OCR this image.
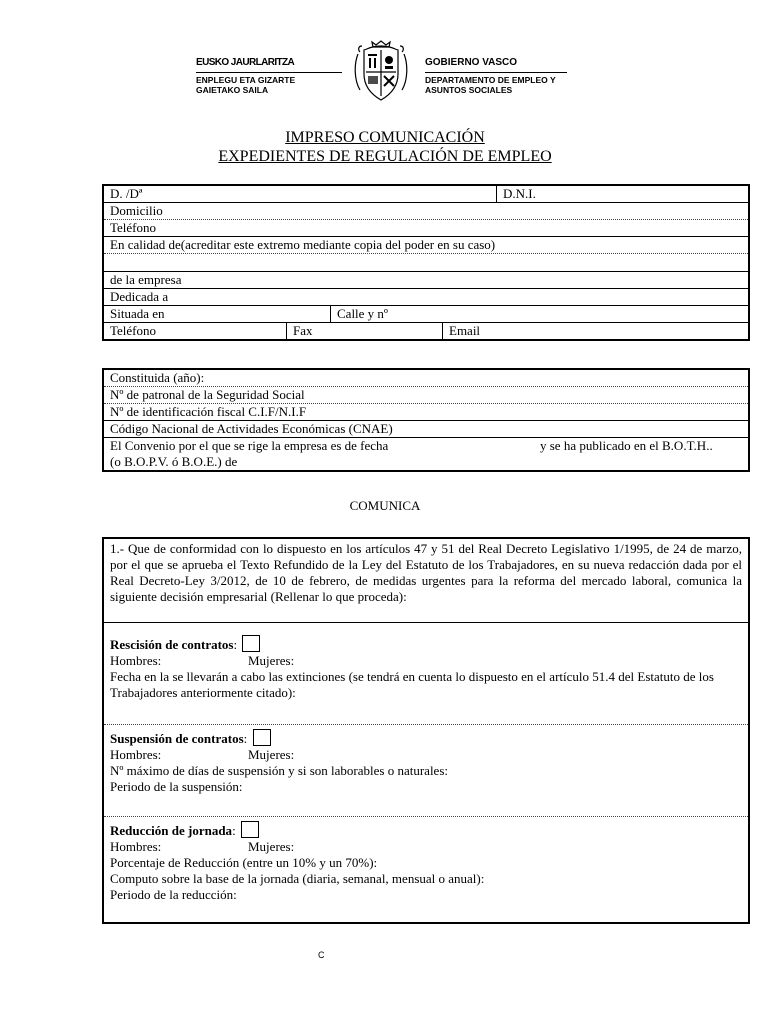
EUSKO JAURLARITZA
ENPLEGU ETA GIZARTE
GAIETAKO SAILA
GOBIERNO VASCO
DEPARTAMENTO DE EMPLEO Y
ASUNTOS SOCIALES
IMPRESO COMUNICACIÓN
EXPEDIENTES DE REGULACIÓN DE EMPLEO
D. /Dª	D.N.I.
Domicilio
Teléfono
En calidad de(acreditar este extremo mediante copia del poder en su caso)
de la empresa
Dedicada a
Situada en	Calle y nº
Teléfono	Fax	Email
Constituida (año):
Nº de patronal de la Seguridad Social
Nº de identificación fiscal C.I.F/N.I.F
Código Nacional de Actividades Económicas (CNAE)
El Convenio por el que se rige la empresa es de fecha	y se ha publicado en el B.O.T.H..
(o B.O.P.V. ó B.O.E.) de
COMUNICA
1.- Que de conformidad con lo dispuesto en los artículos 47 y 51 del Real Decreto Legislativo 1/1995, de 24 de marzo, por el que se aprueba el Texto Refundido de la Ley del Estatuto de los Trabajadores, en su nueva redacción dada por el Real Decreto-Ley 3/2012, de 10 de febrero, de medidas urgentes para la reforma del mercado laboral, comunica la siguiente decisión empresarial (Rellenar lo que proceda):
Rescisión de contratos:
Hombres:	Mujeres:
Fecha en la se llevarán a cabo las extinciones (se tendrá en cuenta lo dispuesto en el artículo 51.4 del Estatuto de los Trabajadores anteriormente citado):
Suspensión de contratos:
Hombres:	Mujeres:
Nº máximo de días de suspensión y si son laborables o naturales:
Periodo de la suspensión:
Reducción de jornada:
Hombres:	Mujeres:
Porcentaje de Reducción (entre un 10% y un 70%):
Computo sobre la base de la jornada (diaria, semanal, mensual o anual):
Periodo de la reducción:
C
